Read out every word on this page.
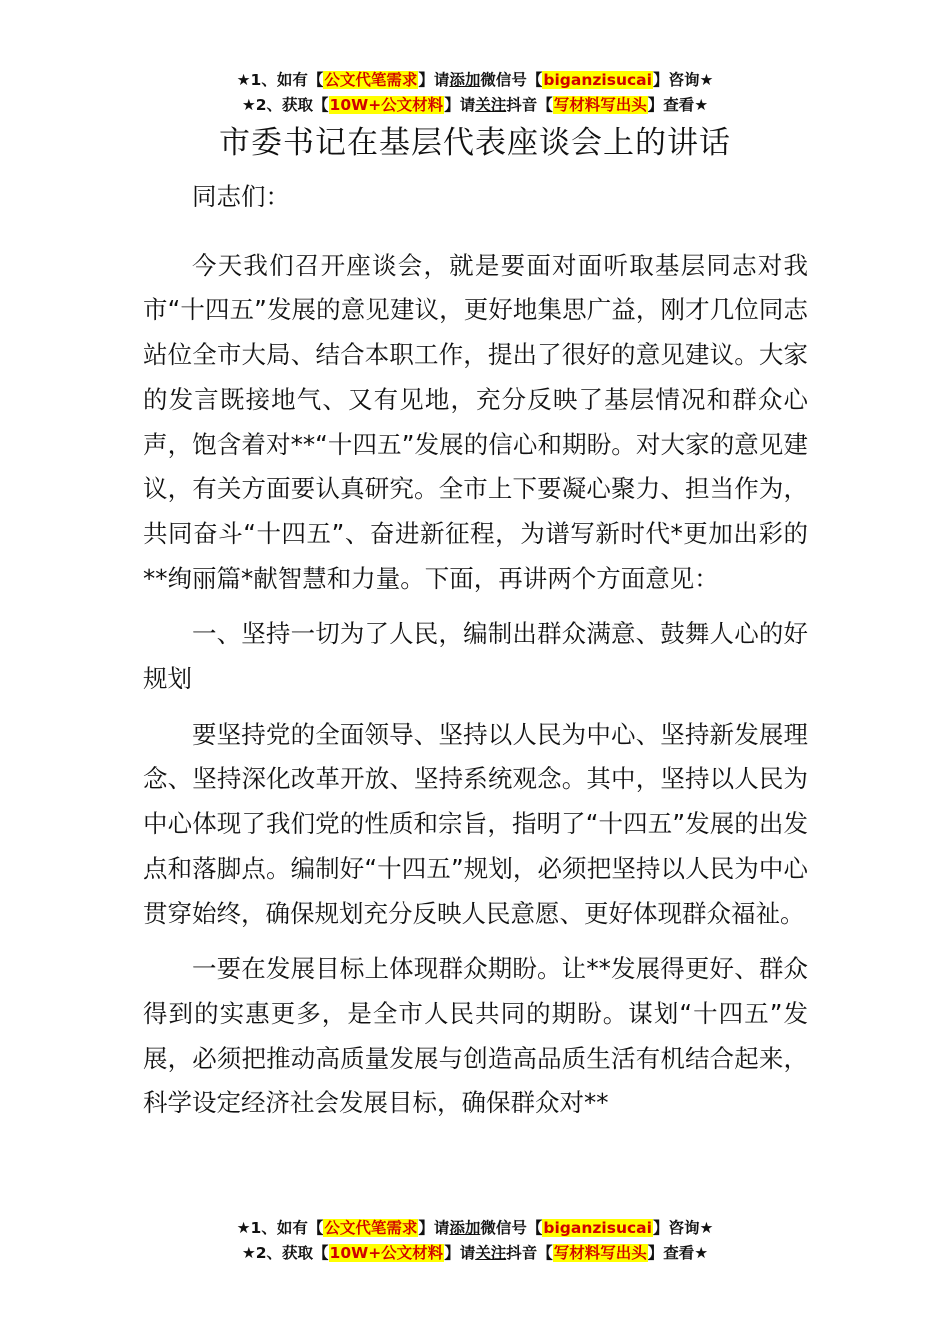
★1、如有【公文代笔需求】请添加微信号【biganzisucai】咨询★
★2、获取【10W+公文材料】请关注抖音【写材料写出头】查看★
市委书记在基层代表座谈会上的讲话

同志们：

今天我们召开座谈会，就是要面对面听取基层同志对我市“十四五”发展的意见建议，更好地集思广益，刚才几位同志站位全市大局、结合本职工作，提出了很好的意见建议。大家的发言既接地气、又有见地，充分反映了基层情况和群众心声，饱含着对**“十四五”发展的信心和期盼。对大家的意见建议，有关方面要认真研究。全市上下要凝心聚力、担当作为，共同奋斗“十四五”、奋进新征程，为谱写新时代*更加出彩的**绚丽篇*献智慧和力量。下面，再讲两个方面意见：

一、坚持一切为了人民，编制出群众满意、鼓舞人心的好规划

要坚持党的全面领导、坚持以人民为中心、坚持新发展理念、坚持深化改革开放、坚持系统观念。其中，坚持以人民为中心体现了我们党的性质和宗旨，指明了“十四五”发展的出发点和落脚点。编制好“十四五”规划，必须把坚持以人民为中心贯穿始终，确保规划充分反映人民意愿、更好体现群众福祉。

一要在发展目标上体现群众期盼。让**发展得更好、群众得到的实惠更多，是全市人民共同的期盼。谋划“十四五”发展，必须把推动高质量发展与创造高品质生活有机结合起来，科学设定经济社会发展目标，确保群众对**

★1、如有【公文代笔需求】请添加微信号【biganzisucai】咨询★
★2、获取【10W+公文材料】请关注抖音【写材料写出头】查看★
